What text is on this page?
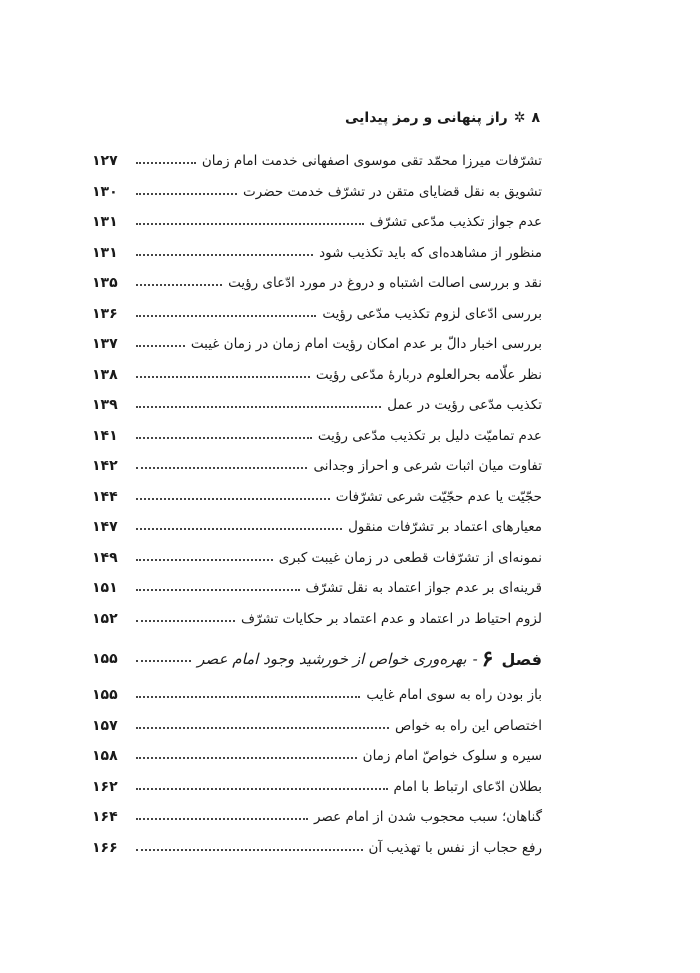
۸✲راز پنهانی و رمز پیدایی
تشرّفات میرزا محمّد تقی موسوی اصفهانی خدمت امام زمان
۱۲۷
تشویق به نقل قضایای متقن در تشرّف خدمت حضرت
۱۳۰
عدم جواز تکذیب مدّعی تشرّف
۱۳۱
منظور از مشاهده‌ای که باید تکذیب شود
۱۳۱
نقد و بررسی اصالت اشتباه و دروغ در مورد ادّعای رؤیت
۱۳۵
بررسی ادّعای لزوم تکذیب مدّعی رؤیت
۱۳۶
بررسی اخبار دالّ بر عدم امکان رؤیت امام زمان در زمان غیبت
۱۳۷
نظر علّامه بحرالعلوم دربارهٔ مدّعی رؤیت
۱۳۸
تکذیب مدّعی رؤیت در عمل
۱۳۹
عدم تمامیّت دلیل بر تکذیب مدّعی رؤیت
۱۴۱
تفاوت میان اثبات شرعی و احراز وجدانی
۱۴۲
حجّیّت یا عدم حجّیّت شرعی تشرّفات
۱۴۴
معیارهای اعتماد بر تشرّفات منقول
۱۴۷
نمونه‌ای از تشرّفات قطعی در زمان غیبت کبری
۱۴۹
قرینه‌ای بر عدم جواز اعتماد به نقل تشرّف
۱۵۱
لزوم احتیاط در اعتماد و عدم اعتماد بر حکایات تشرّف
۱۵۲
فصل
۶
-
بهره‌وری خواص از خورشید وجود امام عصر
۱۵۵
باز بودن راه به سوی امام غایب
۱۵۵
اختصاص این راه به خواص
۱۵۷
سیره و سلوک خواصّ امام زمان
۱۵۸
بطلان ادّعای ارتباط با امام
۱۶۲
گناهان؛ سبب محجوب شدن از امام عصر
۱۶۴
رفع حجاب از نفس با تهذیب آن
۱۶۶
